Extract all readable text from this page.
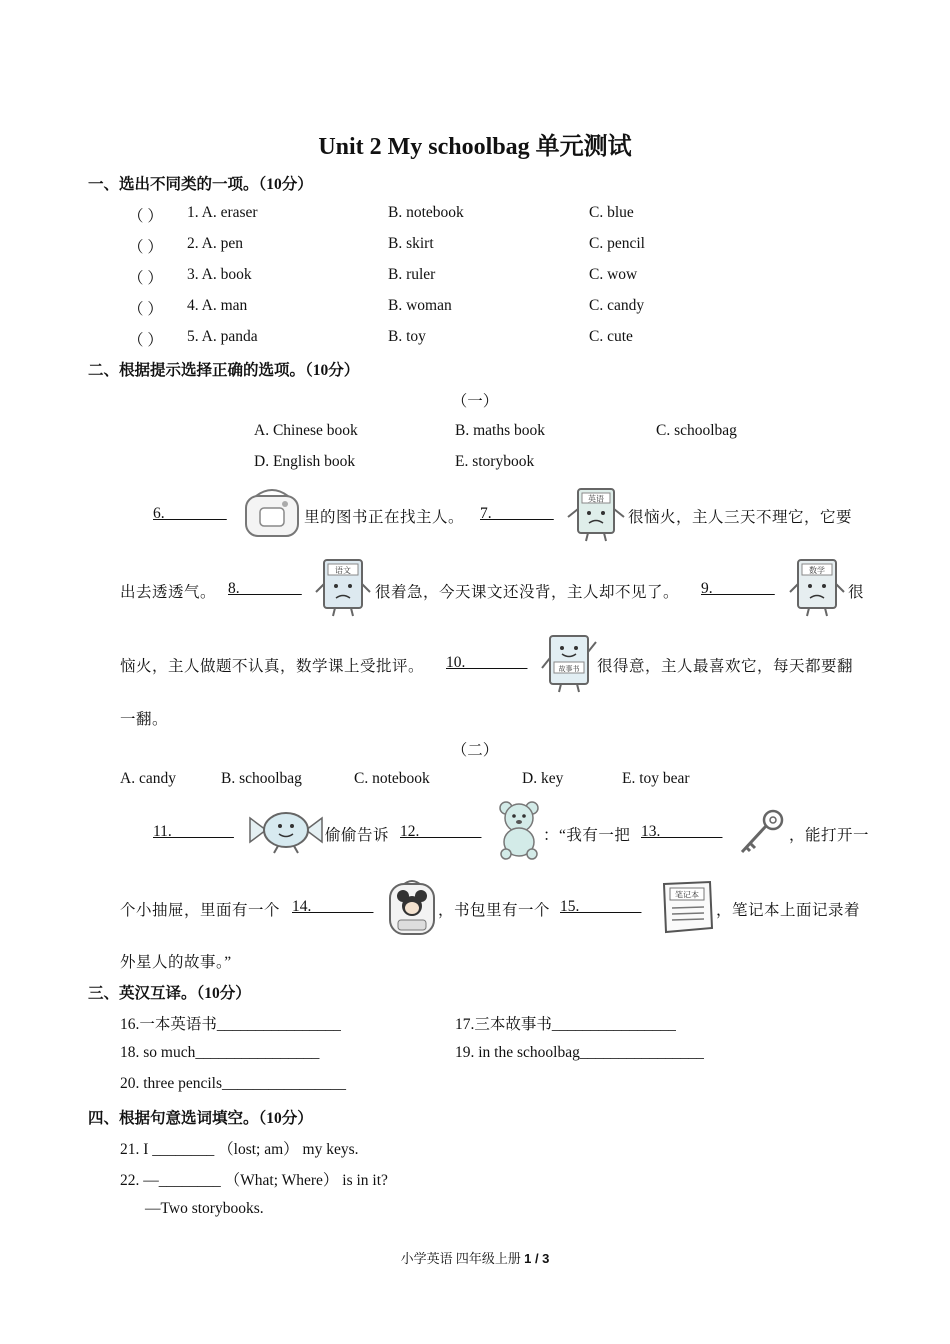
Unit 2 My schoolbag 单元测试
一、选出不同类的一项。（10分）
（ ） 1. A. eraser	B. notebook	C. blue
（ ） 2. A. pen	B. skirt	C. pencil
（ ） 3. A. book	B. ruler	C. wow
（ ） 4. A. man	B. woman	C. candy
（ ） 5. A. panda	B. toy	C. cute
二、根据提示选择正确的选项。（10分）
（一）
A. Chinese book	B. maths book	C. schoolbag
D. English book	E. storybook
6.________	里的图书正在找主人。 7.________
英语
很恼火，主人三天不理它，它要
出去透透气。 8.________
语文
很着急，今天课文还没背，主人却不见了。 9.________
数学
很
恼火，主人做题不认真，数学课上受批评。 10.________	故事书 很得意，主人最喜欢它，每天都要翻
一翻。
（二）
A. candy	B. schoolbag	C. notebook	D. key	E. toy bear
11.________	偷偷告诉 12.________	：“我有一把 13.________	，能打开一
个小抽屉，里面有一个 14.________	，书包里有一个 15.________
笔记本
，笔记本上面记录着
外星人的故事。”
三、英汉互译。（10分）
16.一本英语书________________	17.三本故事书________________
18. so much________________	19. in the schoolbag________________
20. three pencils________________
四、根据句意选词填空。（10分）
21. I ________ （lost; am） my keys.
22. —________ （What; Where） is in it?
—Two storybooks.
小学英语 四年级上册 1 / 3
